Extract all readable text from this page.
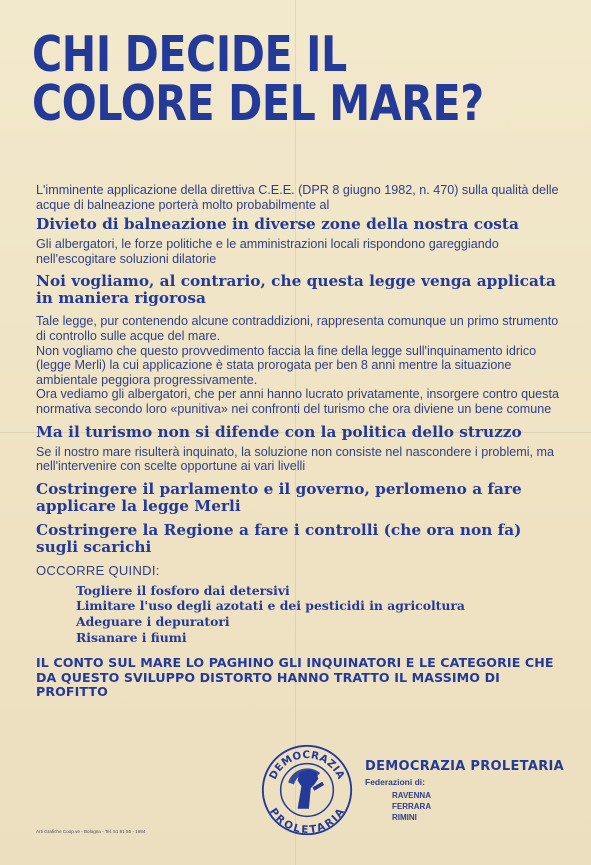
CHI DECIDE IL
COLORE DEL MARE?

L'imminente applicazione della direttiva C.E.E. (DPR 8 giugno 1982, n. 470) sulla qualità delle acque di balneazione porterà molto probabilmente al

Divieto di balneazione in diverse zone della nostra costa

Gli albergatori, le forze politiche e le amministrazioni locali rispondono gareggiando nell'escogitare soluzioni dilatorie

Noi vogliamo, al contrario, che questa legge venga applicata in maniera rigorosa

Tale legge, pur contenendo alcune contraddizioni, rappresenta comunque un primo strumento di controllo sulle acque del mare.

Non vogliamo che questo provvedimento faccia la fine della legge sull'inquinamento idrico (legge Merli) la cui applicazione è stata prorogata per ben 8 anni mentre la situazione ambientale peggiora progressivamente.

Ora vediamo gli albergatori, che per anni hanno lucrato privatamente, insorgere contro questa normativa secondo loro «punitiva» nei confronti del turismo che ora diviene un bene comune

Ma il turismo non si difende con la politica dello struzzo

Se il nostro mare risulterà inquinato, la soluzione non consiste nel nascondere i problemi, ma nell'intervenire con scelte opportune ai vari livelli

Costringere il parlamento e il governo, perlomeno a fare applicare la legge Merli

Costringere la Regione a fare i controlli (che ora non fa) sugli scarichi

OCCORRE QUINDI:

Togliere il fosforo dai detersivi
Limitare l'uso degli azotati e dei pesticidi in agricoltura
Adeguare i depuratori
Risanare i fiumi

IL CONTO SUL MARE LO PAGHINO GLI INQUINATORI E LE CATEGORIE CHE DA QUESTO SVILUPPO DISTORTO HANNO TRATTO IL MASSIMO DI PROFITTO

DEMOCRAZIA
PROLETARIA
DEMOCRAZIA PROLETARIA
Federazioni di:
RAVENNA
FERRARA
RIMINI
Arti Grafiche Coop.ve - Bologna - Tel. 51 91 55 - 1984
